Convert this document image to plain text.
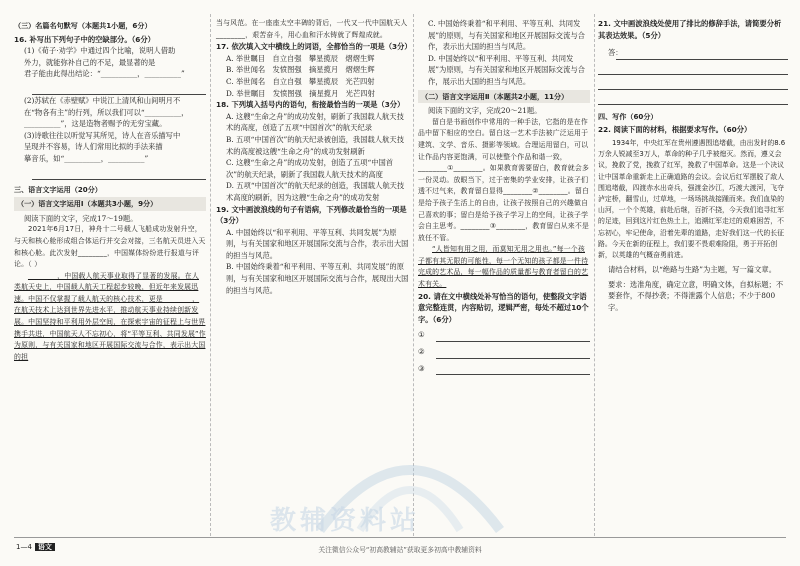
（三）名篇名句默写（本题共1小题，6分）

16. 补写出下列句子中的空缺部分。（6分）

(1)《荀子·劝学》中通过四个比喻，说明人借助

外力，就能弥补自己的不足，最显著的是

君子能由此得出结论：“__________，__________”

(2)苏轼在《赤壁赋》中说江上清风和山间明月不

在“物各有主”的行列，所以我们可以“__________，

__________”，这是造物者赐予的无穷宝藏。

(3)诗歌往往以听觉写其所见，诗人在音乐描写中

呈现并不容易，诗人们常用比拟的手法来描

摹音乐，如“__________，__________”

三、语言文字运用（20分）

（一）语言文字运用Ⅰ（本题共3小题，9分）

阅读下面的文字，完成17～19题。

2021年6月17日，神舟十二号载人飞船成功发射升空，与天和核心舱形成组合体运行并交会对接，三名航天员进入天和核心舱。此次发射________，中国媒体纷纷进行报道与评论。（ ）

________，中国载人航天事业取得了显著的发展。在人类航天史上，中国载人航天工程起步较晚，但近年来发展迅速。中国不仅掌握了载人航天的核心技术，更是________，在航天技术上达到世界先进水平，推动航天事业持续创新发展。中国坚持和平利用外层空间，在探索宇宙的征程上与世界携手共进，中国航天人不忘初心，将“平等互利、共同发展”作为原则，与有关国家和地区开展国际交流与合作，表示出大国的担

当与风范。在一座座太空丰碑的背后，一代又一代中国航天人________，艰苦奋斗，用心血和汗水铸就了辉煌成就。

17. 依次填入文中横线上的词语，全都恰当的一项是（3分）

A. 举世瞩目　自立自强　攀星揽辰　熠熠生辉

B. 举世闻名　发愤图强　摘星揽月　熠熠生辉

C. 举世闻名　自立自强　攀星揽辰　光芒四射

D. 举世瞩目　发愤图强　摘星揽月　光芒四射

18. 下列填入括号内的语句，衔接最恰当的一项是（3分）

A. 这艘“生命之舟”的成功发射，刷新了我国载人航天技术的高度，创造了五项“中国首次”的航天纪录

B. 五项“中国首次”的航天纪录被创造，我国载人航天技术的高度被这艘“生命之舟”的成功发射刷新

C. 这艘“生命之舟”的成功发射，创造了五项“中国首次”的航天纪录，刷新了我国载人航天技术的高度

D. 五项“中国首次”的航天纪录的创造，我国载人航天技术高度的刷新，因为这艘“生命之舟”的成功发射

19. 文中画波浪线的句子有语病，下列修改最恰当的一项是（3分）

A. 中国始终以“和平利用、平等互利、共同发展”为原则，与有关国家和地区开展国际交流与合作，表示出大国的担当与风范。

B. 中国始终秉着“和平利用、平等互利、共同发展”的原则，与有关国家和地区开展国际交流与合作，展现出大国的担当与风范。

C. 中国始终秉着“和平利用、平等互利、共同发展”的原则，与有关国家和地区开展国际交流与合作，表示出大国的担当与风范。

D. 中国始终以“和平利用、平等互利、共同发展”为原则，与有关国家和地区开展国际交流与合作，展示出大国的担当与风范。

（二）语言文字运用Ⅱ（本题共2小题，11分）

阅读下面的文字，完成20～21题。

留白是书画创作中常用的一种手法，它指的是在作品中留下相应的空白。留白这一艺术手法被广泛运用于建筑、文学、音乐、摄影等领域。合理运用留白，可以让作品内容更饱满，可以使整个作品和谐一致，________①________。如果教育需要留白，教育就会多一份灵动。放眼当下，过于密集的学业安排，让孩子们透不过气来，教育留白显得________②________。留白是给予孩子生活上的自由，让孩子按照自己的兴趣做自己喜欢的事；留白是给予孩子学习上的空间，让孩子学会自主思考。________③________，教育留白从来不是放任不管。

“人皆知有用之用，而莫知无用之用也。”每一个孩子都有其无限的可能性，每一个无知的孩子都是一件待完成的艺术品，每一幅作品的质量都与教育者留白的艺术有关。

20. 请在文中横线处补写恰当的语句，使整段文字语意完整连贯，内容贴切，逻辑严密，每处不超过10个字。（6分）

①

②

③

21. 文中画波浪线处使用了排比的修辞手法，请简要分析其表达效果。（5分）

答：

四、写作（60分）

22. 阅读下面的材料，根据要求写作。（60分）

1934年，中央红军在贵州遵遇围追堵截，由出发时的8.6万余人锐减至3万人，革命的种子几乎被熄灭。然而，遵义会议，挽救了党，挽救了红军，挽救了中国革命。这是一个决议让中国革命重新走上正确道路的会议。会议后红军摆脱了敌人围追堵截，四渡赤水出奇兵，强渡金沙江，巧渡大渡河，飞夺泸定桥，翻雪山，过草地，一场场挑战接踵而来。我们血染的山河，一个个英雄，前赴后继，百折不挠，今天我们追寻红军的足迹，回到这片红色热土上，追溯红军走过的艰难困苦，不忘初心，牢记使命，沿着先辈的道路，走好我们这一代的长征路。今天在新的征程上，我们要不畏艰难险阻，勇于开拓创新，以英雄的气概奋勇前进。

请结合材料，以“绝路与生路”为主题，写一篇文章。

要求：选准角度，确定立意，明确文体，自拟标题；不要套作，不得抄袭；不得泄露个人信息；不少于800字。

教辅资料站
1—4 语文	关注微信公众号“初高教辅站”获取更多初高中教辅资料
